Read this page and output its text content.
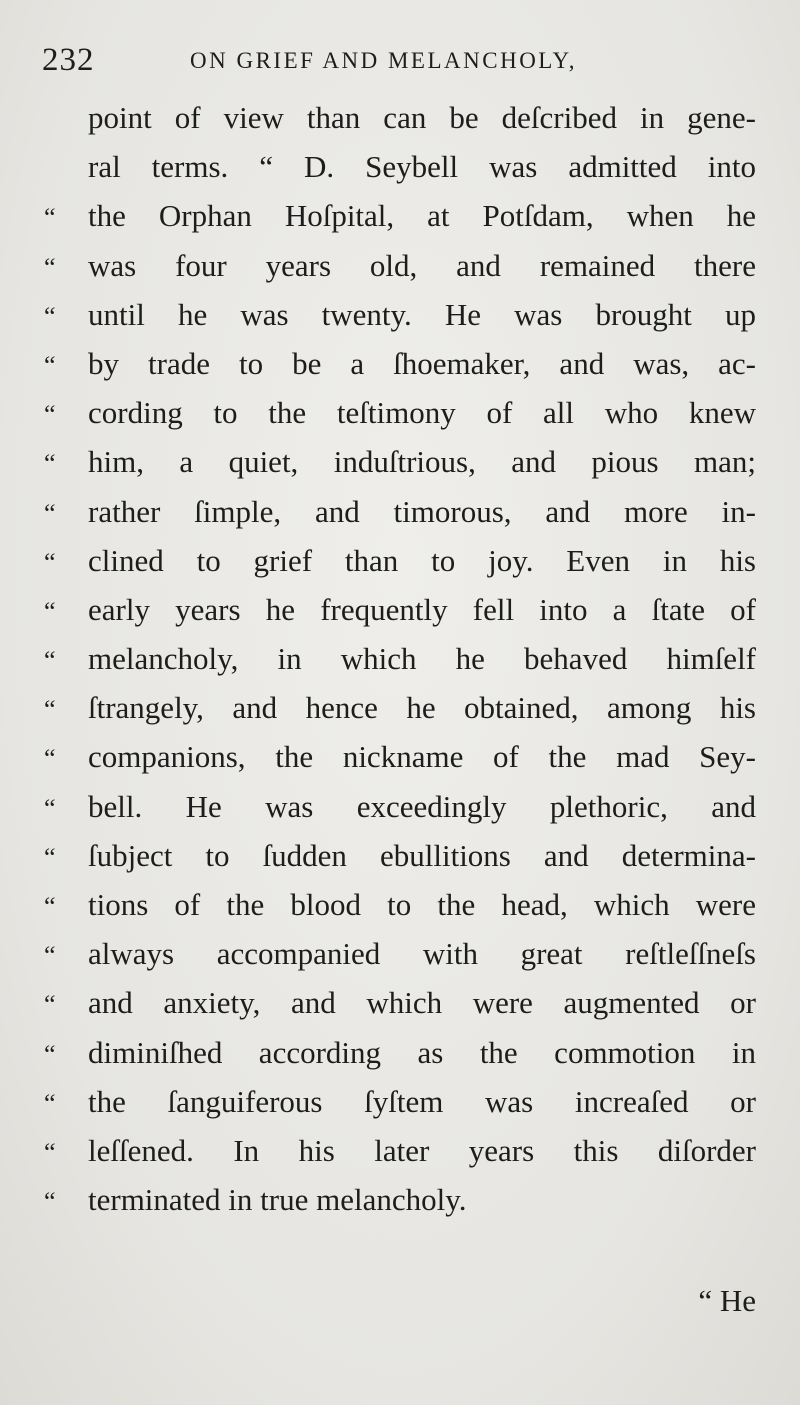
232	ON GRIEF AND MELANCHOLY,
point of view than can be deſcribed in gene-
ral terms. “ D. Seybell was admitted into
“	the Orphan Hoſpital, at Potſdam, when he
“	was four years old, and remained there
“	until he was twenty. He was brought up
“	by trade to be a ſhoemaker, and was, ac-
“	cording to the teſtimony of all who knew
“	him, a quiet, induſtrious, and pious man;
“	rather ſimple, and timorous, and more in-
“	clined to grief than to joy. Even in his
“	early years he frequently fell into a ſtate of
“	melancholy, in which he behaved himſelf
“	ſtrangely, and hence he obtained, among his
“	companions, the nickname of the mad Sey-
“	bell. He was exceedingly plethoric, and
“	ſubject to ſudden ebullitions and determina-
“	tions of the blood to the head, which were
“	always accompanied with great reſtleſſneſs
“	and anxiety, and which were augmented or
“	diminiſhed according as the commotion in
“	the ſanguiferous ſyſtem was increaſed or
“	leſſened. In his later years this diſorder
“	terminated in true melancholy.
“ He
